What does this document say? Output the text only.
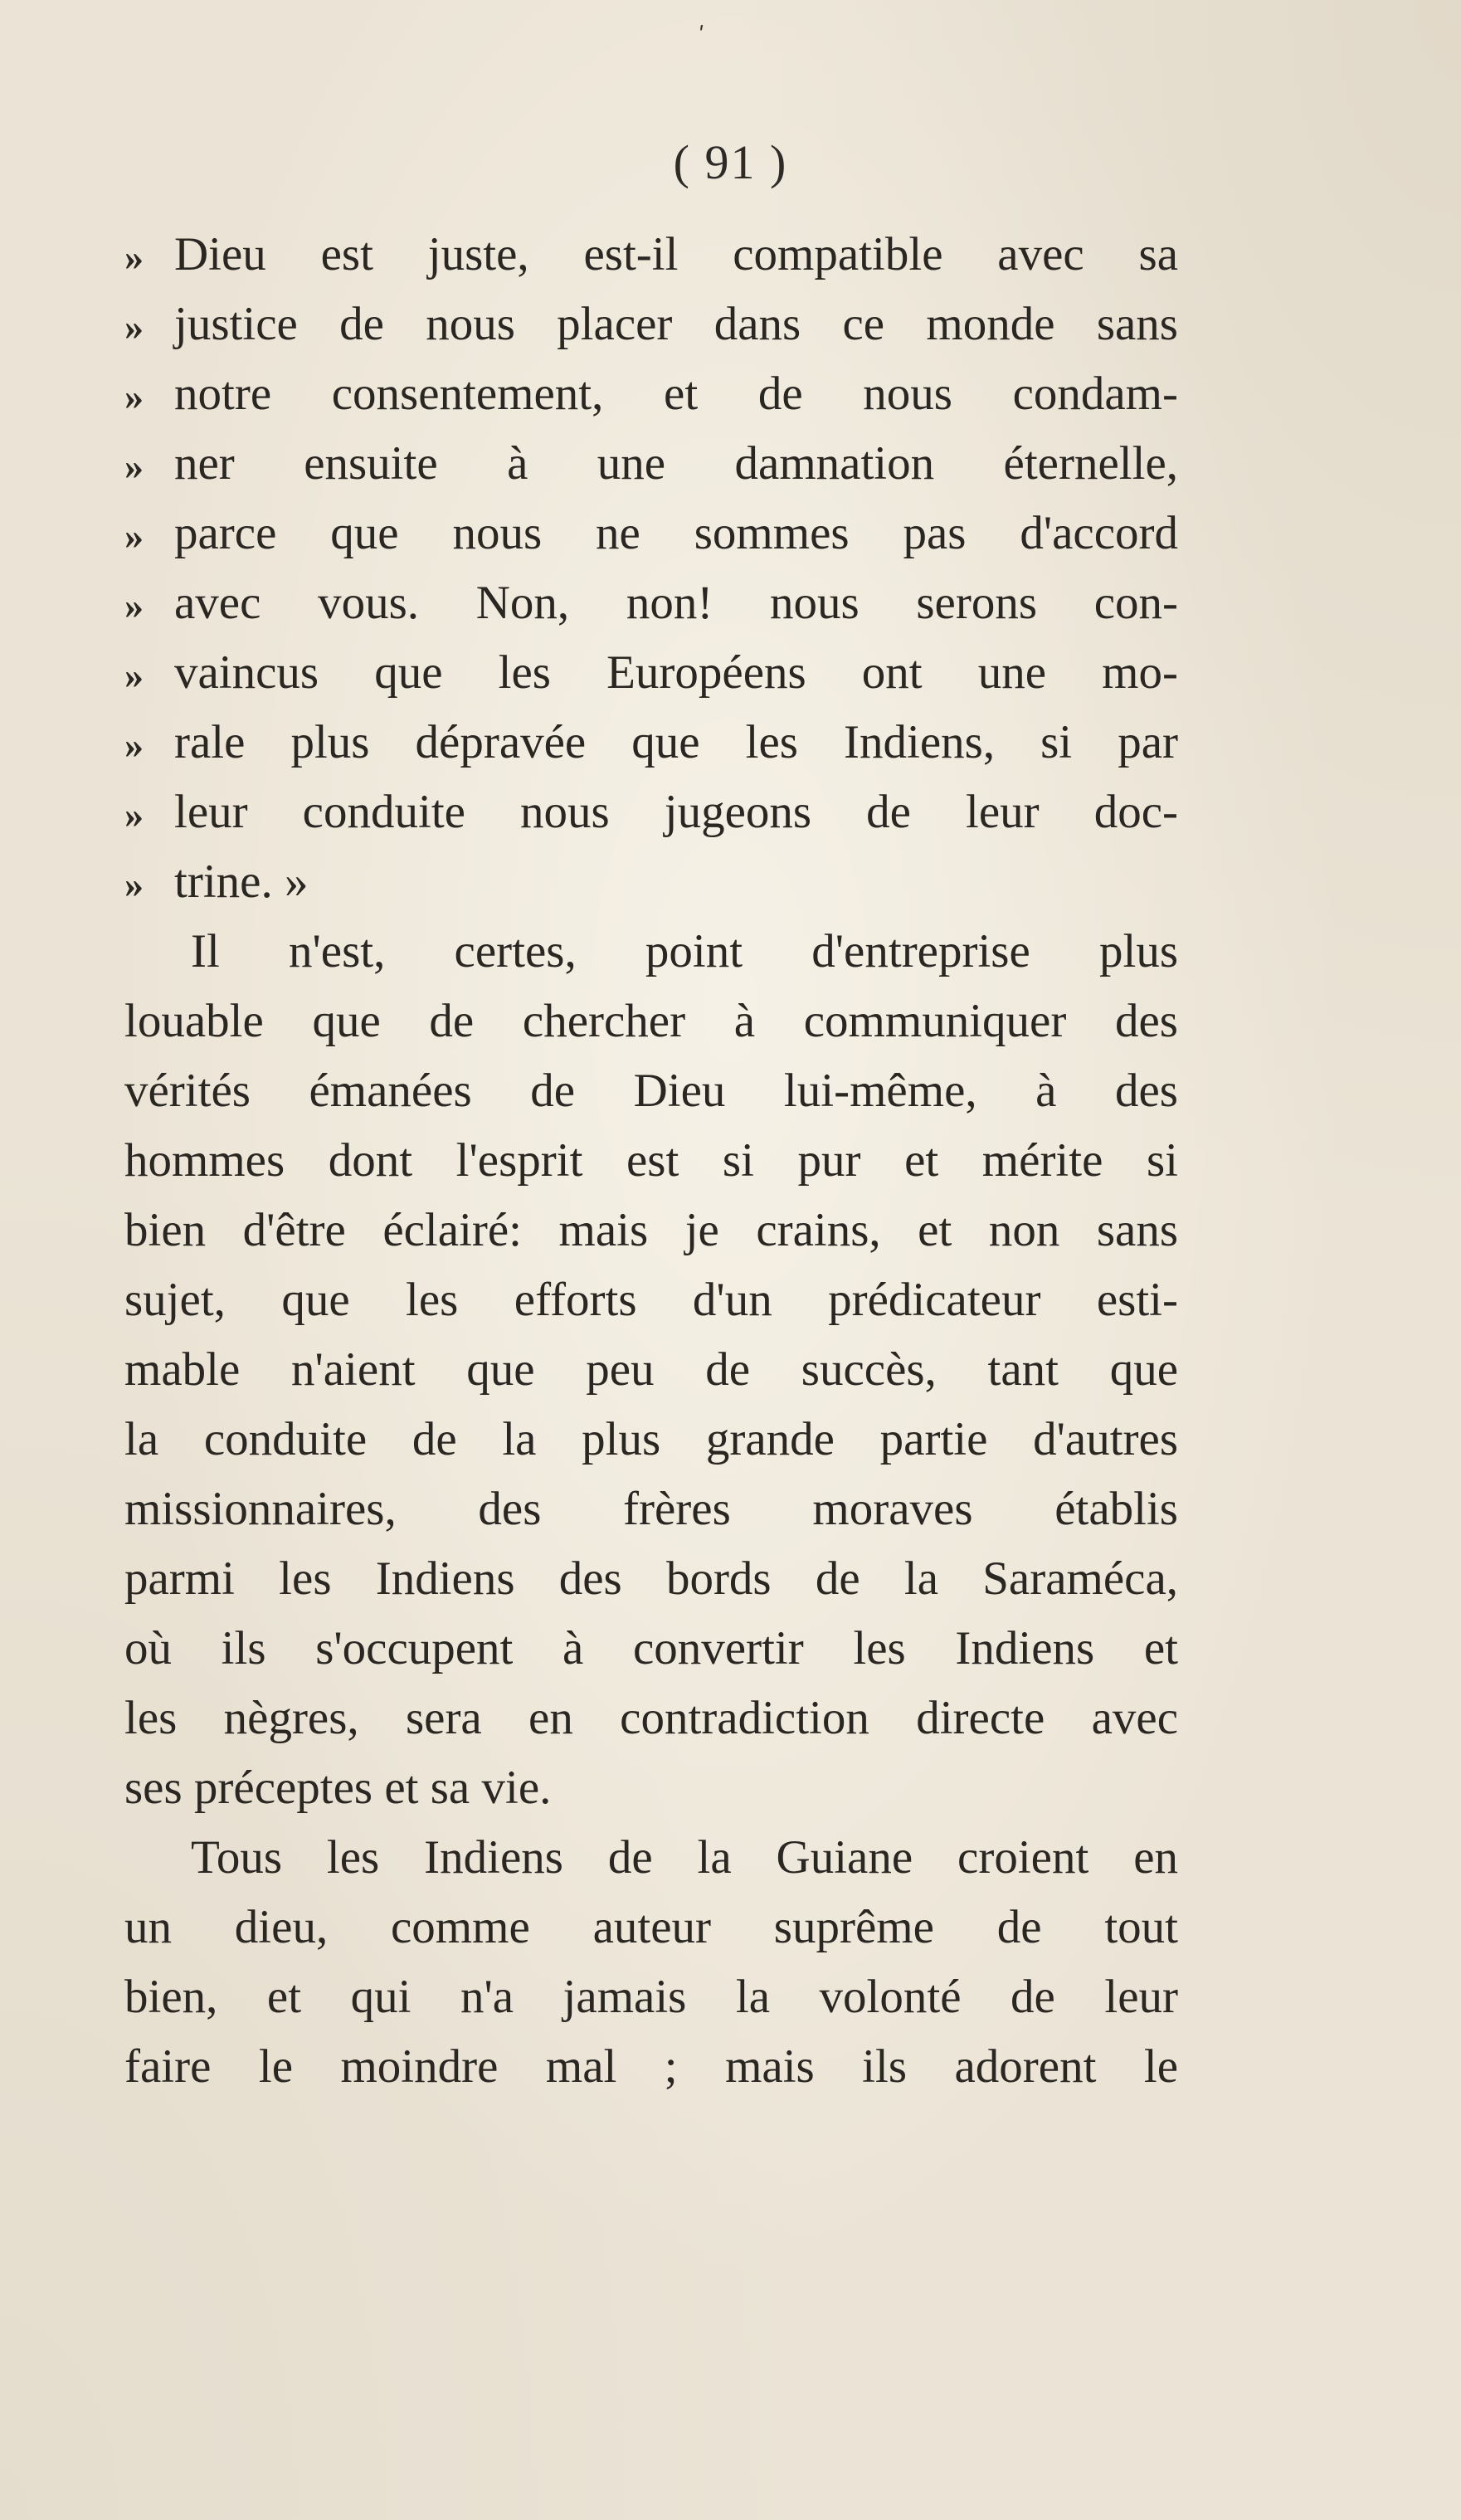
ʹ
( 91 )
» Dieu est juste, est-il compatible avec sa
» justice de nous placer dans ce monde sans
» notre consentement, et de nous condam-
» ner ensuite à une damnation éternelle,
» parce que nous ne sommes pas d'accord
» avec vous. Non, non! nous serons con-
» vaincus que les Européens ont une mo-
» rale plus dépravée que les Indiens, si par
» leur conduite nous jugeons de leur doc-
» trine. »
Il n'est, certes, point d'entreprise plus
louable que de chercher à communiquer des
vérités émanées de Dieu lui-même, à des
hommes dont l'esprit est si pur et mérite si
bien d'être éclairé: mais je crains, et non sans
sujet, que les efforts d'un prédicateur esti-
mable n'aient que peu de succès, tant que
la conduite de la plus grande partie d'autres
missionnaires, des frères moraves établis
parmi les Indiens des bords de la Saraméca,
où ils s'occupent à convertir les Indiens et
les nègres, sera en contradiction directe avec
ses préceptes et sa vie.
Tous les Indiens de la Guiane croient en
un dieu, comme auteur suprême de tout
bien, et qui n'a jamais la volonté de leur
faire le moindre mal ; mais ils adorent le
